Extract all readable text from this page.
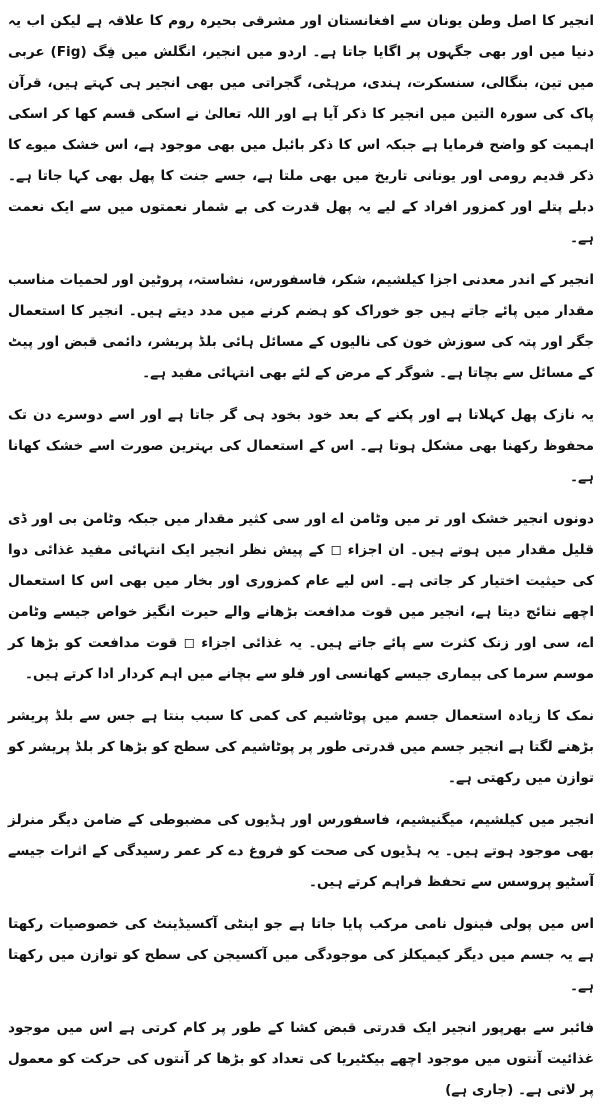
انجیر کا اصل وطن یونان سے افغانستان اور مشرقی بحیرہ روم کا علاقہ ہے لیکن اب یہ دنیا میں اور بھی جگہوں پر اگایا جاتا ہے۔ اردو میں انجیر، انگلش میں فِگ (Fig) عربی میں تین، بنگالی، سنسکرت، ہندی، مرہٹی، گجراتی میں بھی انجیر ہی کہتے ہیں، قرآن پاک کی سورہ التین میں انجیر کا ذکر آیا ہے اور اللہ تعالیٰ نے اسکی قسم کھا کر اسکی اہمیت کو واضح فرمایا ہے جبکہ اس کا ذکر بائبل میں بھی موجود ہے، اس خشک میوے کا ذکر قدیم رومی اور یونانی تاریخ میں بھی ملتا ہے، جسے جنت کا پھل بھی کہا جاتا ہے۔ دبلے پتلے اور کمزور افراد کے لیے یہ پھل قدرت کی بے شمار نعمتوں میں سے ایک نعمت ہے۔

انجیر کے اندر معدنی اجزا کیلشیم، شکر، فاسفورس، نشاستہ، پروٹین اور لحمیات مناسب مقدار میں پائے جاتے ہیں جو خوراک کو ہضم کرنے میں مدد دیتے ہیں۔ انجیر کا استعمال جگر اور پتہ کی سوزش خون کی نالیوں کے مسائل ہائی بلڈ پریشر، دائمی قبض اور پیٹ کے مسائل سے بچاتا ہے۔ شوگر کے مرض کے لئے بھی انتہائی مفید ہے۔

یہ نازک پھل کہلاتا ہے اور پکنے کے بعد خود بخود ہی گر جاتا ہے اور اسے دوسرے دن تک محفوظ رکھنا بھی مشکل ہوتا ہے۔ اس کے استعمال کی بہترین صورت اسے خشک کھانا ہے۔

دونوں انجیر خشک اور تر میں وٹامن اے اور سی کثیر مقدار میں جبکہ وٹامن بی اور ڈی قلیل مقدار میں ہوتے ہیں۔ ان اجزاء ◻ کے پیش نظر انجیر ایک انتہائی مفید غذائی دوا کی حیثیت اختیار کر جاتی ہے۔ اس لیے عام کمزوری اور بخار میں بھی اس کا استعمال اچھے نتائج دیتا ہے، انجیر میں قوت مدافعت بڑھانے والے حیرت انگیز خواص جیسے وٹامن اے، سی اور زنک کثرت سے پائے جاتے ہیں۔ یہ غذائی اجزاء ◻ قوت مدافعت کو بڑھا کر موسم سرما کی بیماری جیسے کھانسی اور فلو سے بچانے میں اہم کردار ادا کرتے ہیں۔

نمک کا زیادہ استعمال جسم میں پوٹاشیم کی کمی کا سبب بنتا ہے جس سے بلڈ پریشر بڑھنے لگتا ہے انجیر جسم میں قدرتی طور پر پوٹاشیم کی سطح کو بڑھا کر بلڈ پریشر کو توازن میں رکھتی ہے۔

انجیر میں کیلشیم، میگنیشیم، فاسفورس اور ہڈیوں کی مضبوطی کے ضامن دیگر منرلز بھی موجود ہوتے ہیں۔ یہ ہڈیوں کی صحت کو فروغ دے کر عمر رسیدگی کے اثرات جیسے آسٹیو پروسس سے تحفظ فراہم کرتے ہیں۔

اس میں پولی فینول نامی مرکب پایا جاتا ہے جو اینٹی آکسیڈینٹ کی خصوصیات رکھتا ہے یہ جسم میں دیگر کیمیکلز کی موجودگی میں آکسیجن کی سطح کو توازن میں رکھتا ہے۔

فائبر سے بھرپور انجیر ایک قدرتی قبض کشا کے طور پر کام کرتی ہے اس میں موجود غذائیت آنتوں میں موجود اچھے بیکٹیریا کی تعداد کو بڑھا کر آنتوں کی حرکت کو معمول پر لاتی ہے۔ (جاری ہے)
